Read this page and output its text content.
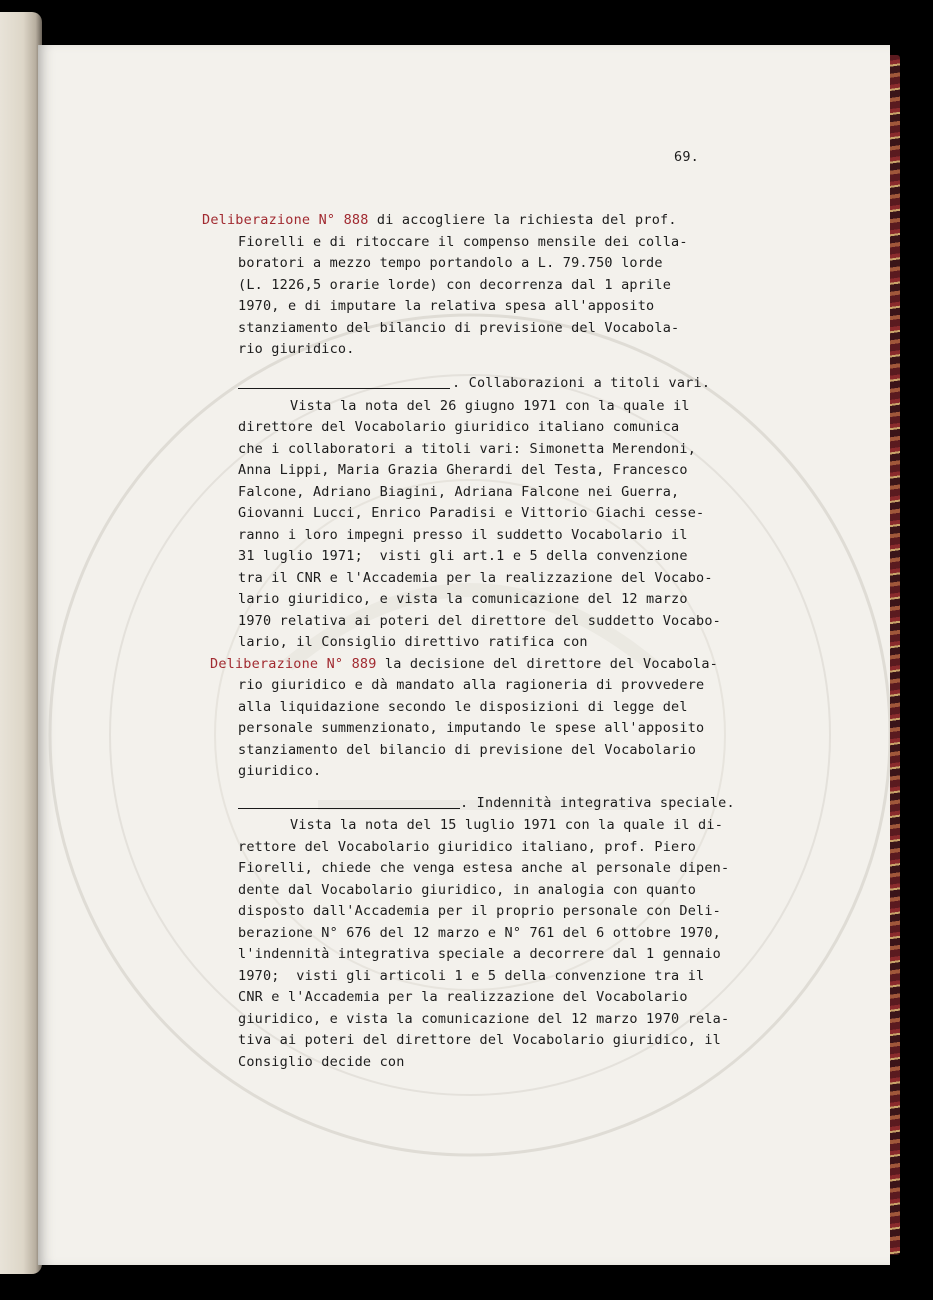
69.
Deliberazione N° 888 di accogliere la richiesta del prof.
Fiorelli e di ritoccare il compenso mensile dei colla-
boratori a mezzo tempo portandolo a L. 79.750 lorde
(L. 1226,5 orarie lorde) con decorrenza dal 1 aprile
1970, e di imputare la relativa spesa all'apposito
stanziamento del bilancio di previsione del Vocabola-
rio giuridico.
. Collaborazioni a titoli vari.
Vista la nota del 26 giugno 1971 con la quale il
direttore del Vocabolario giuridico italiano comunica
che i collaboratori a titoli vari: Simonetta Merendoni,
Anna Lippi, Maria Grazia Gherardi del Testa, Francesco
Falcone, Adriano Biagini, Adriana Falcone nei Guerra,
Giovanni Lucci, Enrico Paradisi e Vittorio Giachi cesse-
ranno i loro impegni presso il suddetto Vocabolario il
31 luglio 1971;  visti gli art.1 e 5 della convenzione
tra il CNR e l'Accademia per la realizzazione del Vocabo-
lario giuridico, e vista la comunicazione del 12 marzo
1970 relativa ai poteri del direttore del suddetto Vocabo-
lario, il Consiglio direttivo ratifica con
Deliberazione N° 889 la decisione del direttore del Vocabola-
rio giuridico e dà mandato alla ragioneria di provvedere
alla liquidazione secondo le disposizioni di legge del
personale summenzionato, imputando le spese all'apposito
stanziamento del bilancio di previsione del Vocabolario
giuridico.
. Indennità integrativa speciale.
Vista la nota del 15 luglio 1971 con la quale il di-
rettore del Vocabolario giuridico italiano, prof. Piero
Fiorelli, chiede che venga estesa anche al personale dipen-
dente dal Vocabolario giuridico, in analogia con quanto
disposto dall'Accademia per il proprio personale con Deli-
berazione N° 676 del 12 marzo e N° 761 del 6 ottobre 1970,
l'indennità integrativa speciale a decorrere dal 1 gennaio
1970;  visti gli articoli 1 e 5 della convenzione tra il
CNR e l'Accademia per la realizzazione del Vocabolario
giuridico, e vista la comunicazione del 12 marzo 1970 rela-
tiva ai poteri del direttore del Vocabolario giuridico, il
Consiglio decide con
